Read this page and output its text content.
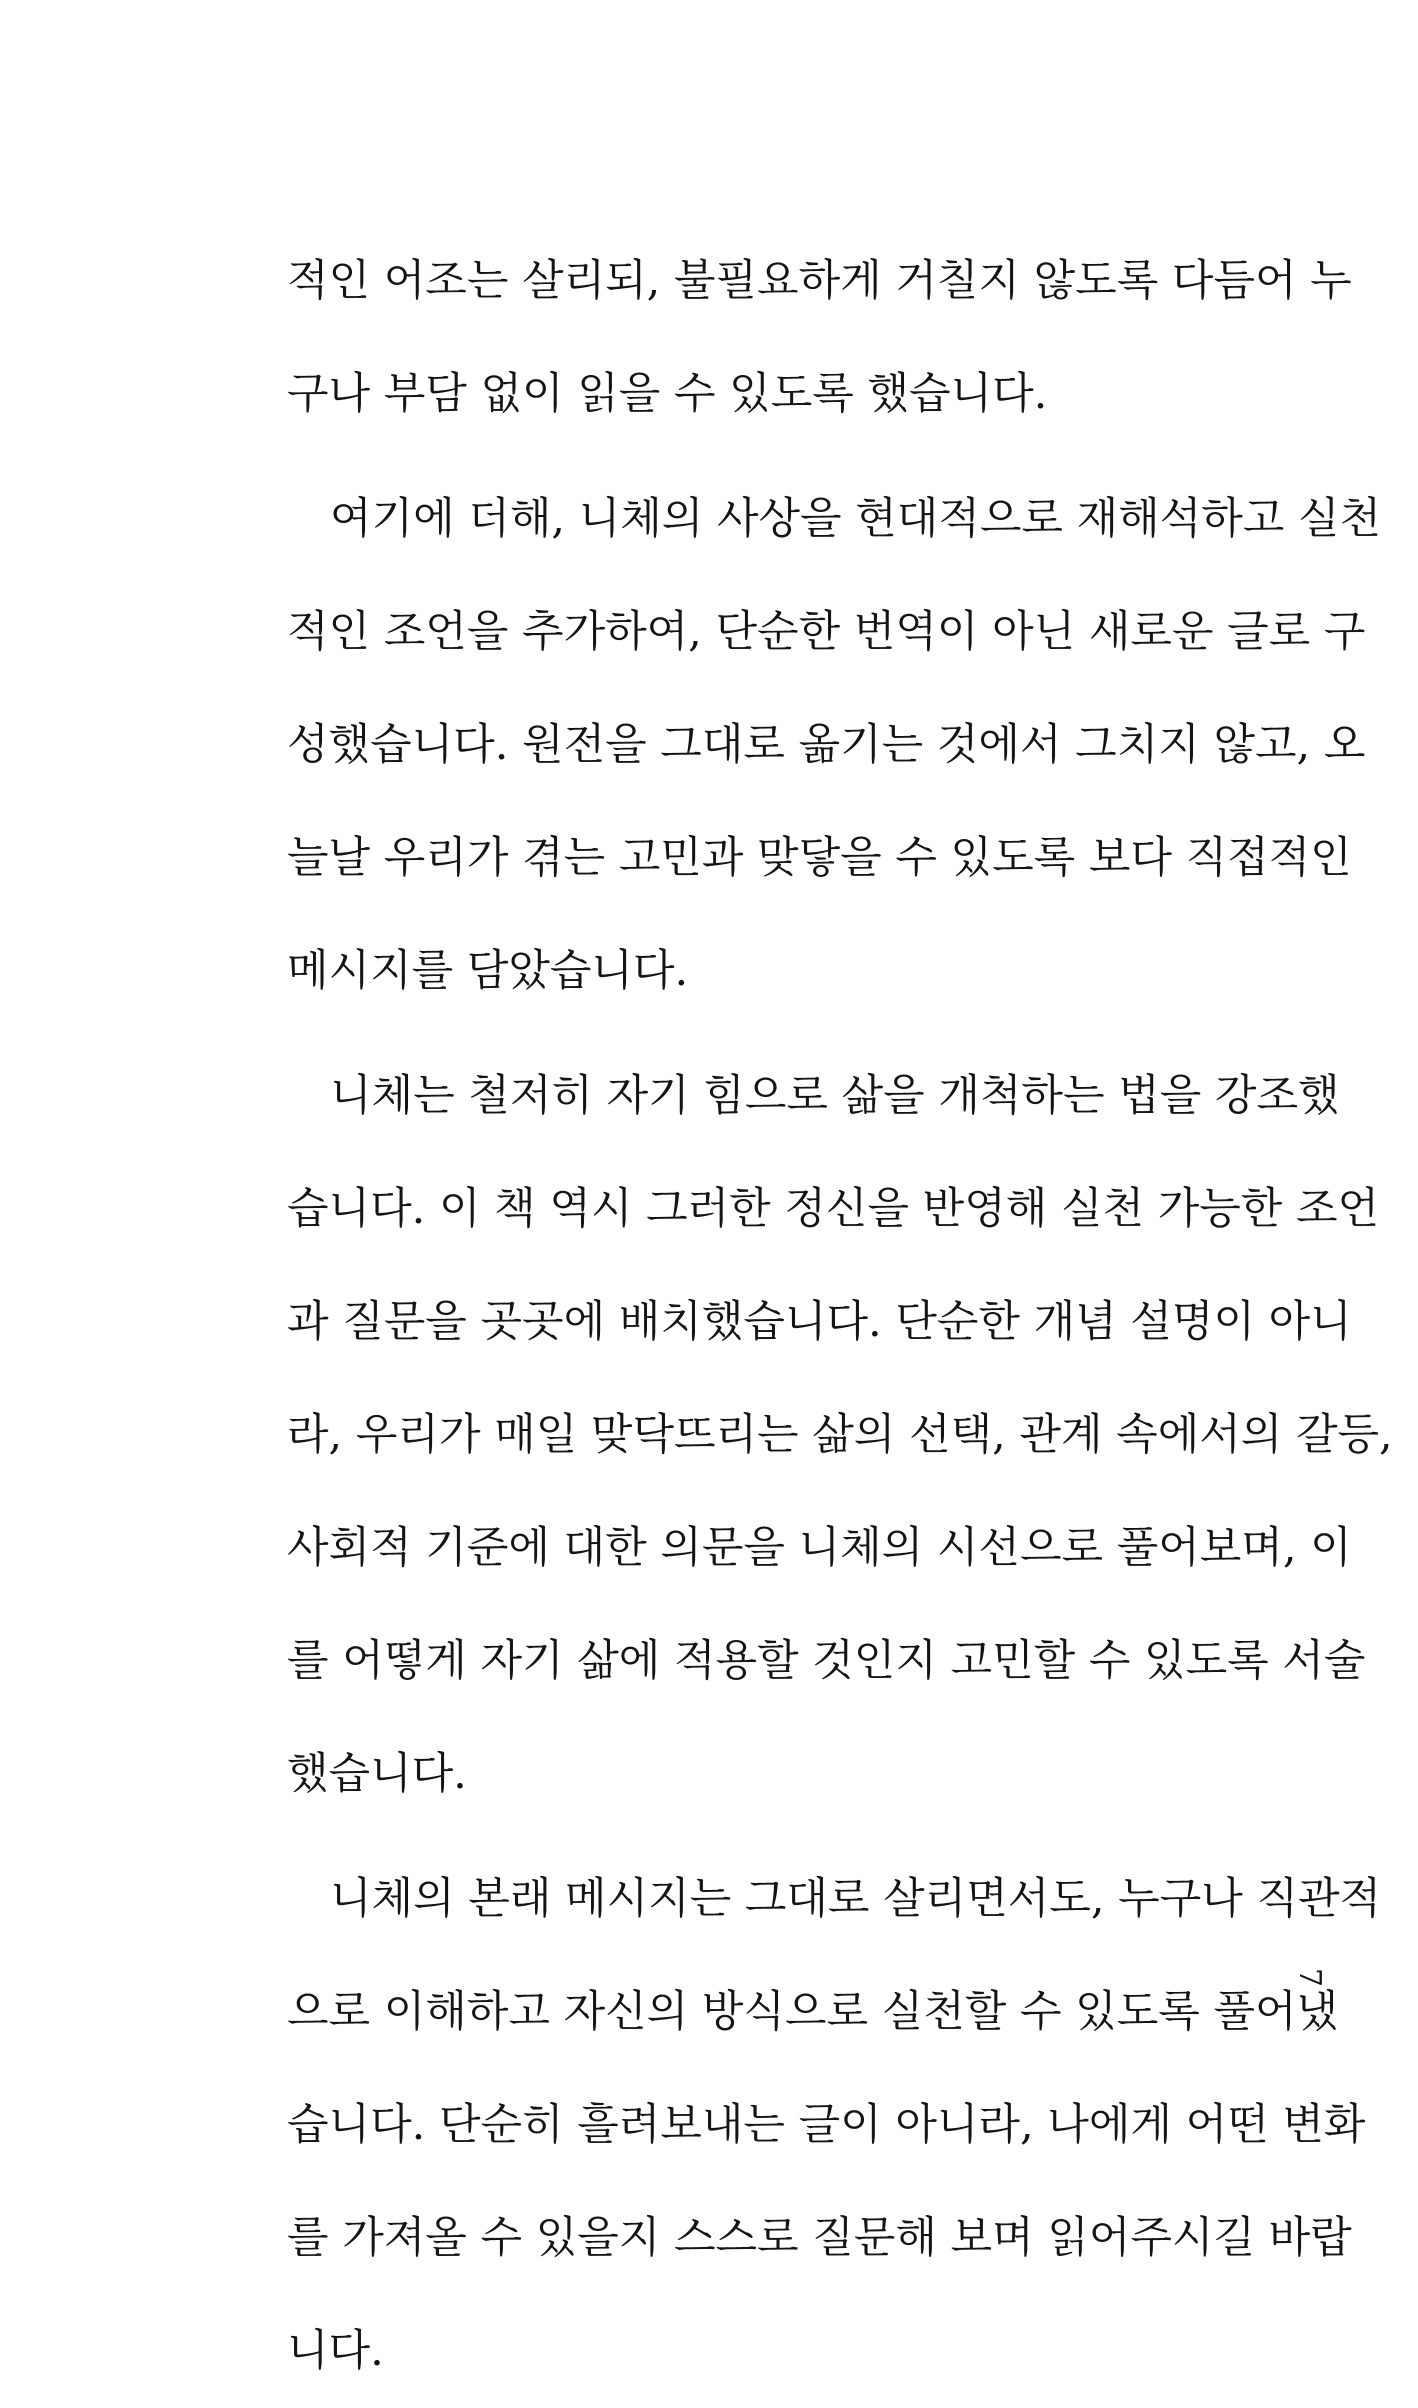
적인 어조는 살리되, 불필요하게 거칠지 않도록 다듬어 누
구나 부담 없이 읽을 수 있도록 했습니다.
여기에 더해, 니체의 사상을 현대적으로 재해석하고 실천
적인 조언을 추가하여, 단순한 번역이 아닌 새로운 글로 구
성했습니다. 원전을 그대로 옮기는 것에서 그치지 않고, 오
늘날 우리가 겪는 고민과 맞닿을 수 있도록 보다 직접적인
메시지를 담았습니다.
니체는 철저히 자기 힘으로 삶을 개척하는 법을 강조했
습니다. 이 책 역시 그러한 정신을 반영해 실천 가능한 조언
과 질문을 곳곳에 배치했습니다. 단순한 개념 설명이 아니
라, 우리가 매일 맞닥뜨리는 삶의 선택, 관계 속에서의 갈등,
사회적 기준에 대한 의문을 니체의 시선으로 풀어보며, 이
를 어떻게 자기 삶에 적용할 것인지 고민할 수 있도록 서술
했습니다.
니체의 본래 메시지는 그대로 살리면서도, 누구나 직관적
으로 이해하고 자신의 방식으로 실천할 수 있도록 풀어냈
습니다. 단순히 흘려보내는 글이 아니라, 나에게 어떤 변화
를 가져올 수 있을지 스스로 질문해 보며 읽어주시길 바랍
니다.
7
